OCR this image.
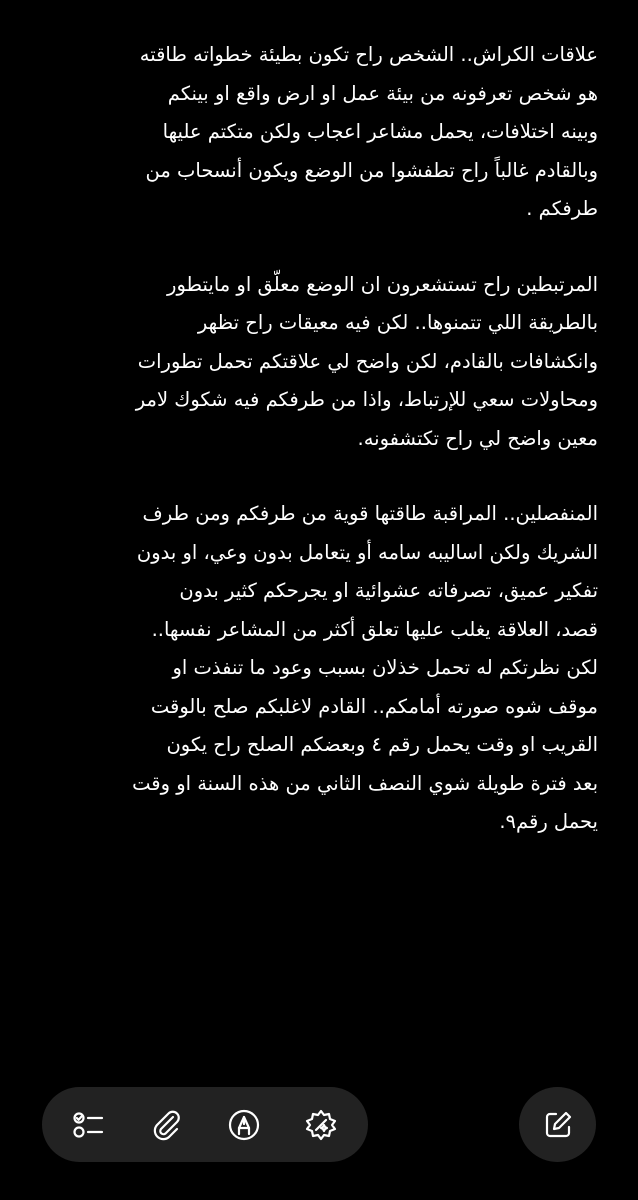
علاقات الكراش.. الشخص راح تكون بطيئة خطواته طاقته
هو شخص تعرفونه من بيئة عمل او ارض واقع او بينكم
وبينه اختلافات، يحمل مشاعر اعجاب ولكن متكتم عليها
وبالقادم غالباً راح تطفشوا من الوضع ويكون أنسحاب من
طرفكم .

المرتبطين راح تستشعرون ان الوضع معلّق او مايتطور
بالطريقة اللي تتمنوها.. لكن فيه معيقات راح تظهر
وانكشافات بالقادم، لكن واضح لي علاقتكم تحمل تطورات
ومحاولات سعي للإرتباط، واذا من طرفكم فيه شكوك لامر
معين واضح لي راح تكتشفونه.

المنفصلين.. المراقبة طاقتها قوية من طرفكم ومن طرف
الشريك ولكن اساليبه سامه أو يتعامل بدون وعي، او بدون
تفكير عميق، تصرفاته عشوائية او يجرحكم كثير بدون
قصد، العلاقة يغلب عليها تعلق أكثر من المشاعر نفسها..
لكن نظرتكم له تحمل خذلان بسبب وعود ما تنفذت او
موقف شوه صورته أمامكم.. القادم لاغلبكم صلح بالوقت
القريب او وقت يحمل رقم ٤ وبعضكم الصلح راح يكون
بعد فترة طويلة شوي النصف الثاني من هذه السنة او وقت
يحمل رقم٩.
